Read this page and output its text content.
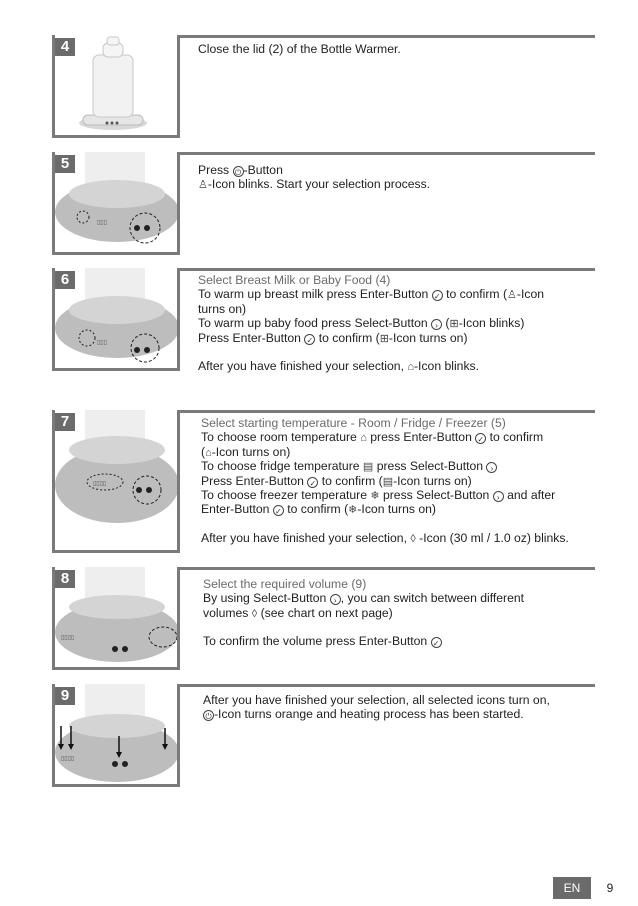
4	Close the lid (2) of the Bottle Warmer.

▯▯▯
5	Press ⏻ -Button

♙-Icon blinks. Start your selection process.

▯▯▯
6	Select Breast Milk or Baby Food (4)

To warm up breast milk press Enter-Button ✓ to confirm (♙-Icon

turns on)

To warm up baby food press Select-Button › (⊞-Icon blinks)

Press Enter-Button ✓ to confirm (⊞-Icon turns on)

After you have finished your selection, ⌂-Icon blinks.

▯▯▯▯
7	Select starting temperature - Room / Fridge / Freezer (5)

To choose room temperature ⌂ press Enter-Button ✓ to confirm

(⌂-Icon turns on)

To choose fridge temperature ▤ press Select-Button ›

Press Enter-Button ✓ to confirm (▤-Icon turns on)

To choose freezer temperature ❄ press Select-Button › and after

Enter-Button ✓ to confirm (❄-Icon turns on)

After you have finished your selection, ◊ -Icon (30 ml / 1.0 oz) blinks.

▯▯▯▯
8	Select the required volume (9)

By using Select-Button › , you can switch between different

volumes ◊ (see chart on next page)

To confirm the volume press Enter-Button ✓

▯▯▯▯
9	After you have finished your selection, all selected icons turn on,

⏻ -Icon turns orange and heating process has been started.

EN	9
